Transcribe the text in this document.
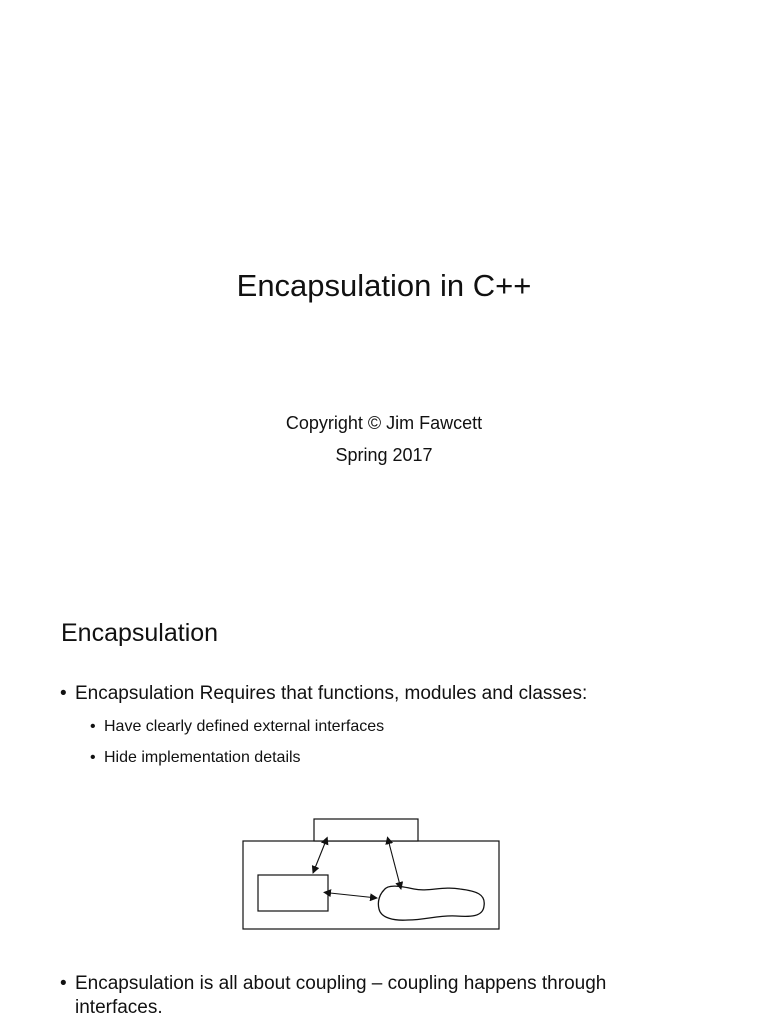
Encapsulation in C++
Copyright © Jim Fawcett
Spring 2017
Encapsulation
• Encapsulation Requires that functions, modules and classes:
• Have clearly defined external interfaces
• Hide implementation details
• Encapsulation is all about coupling – coupling happens through interfaces.
